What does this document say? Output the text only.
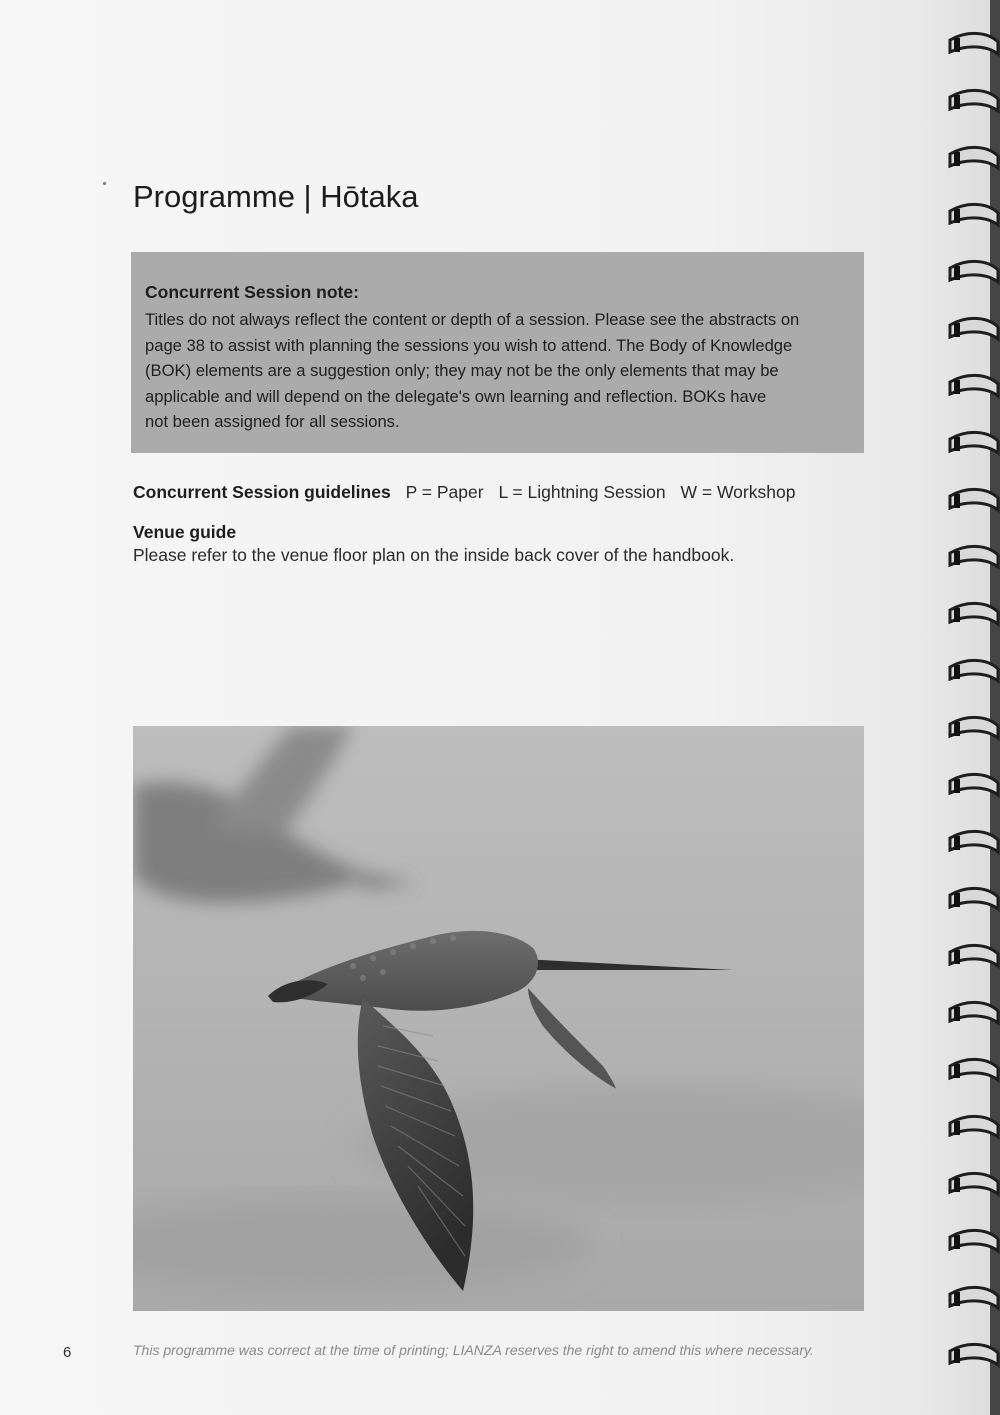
Programme | Hōtaka
Concurrent Session note:
Titles do not always reflect the content or depth of a session. Please see the abstracts on
page 38 to assist with planning the sessions you wish to attend. The Body of Knowledge
(BOK) elements are a suggestion only; they may not be the only elements that may be
applicable and will depend on the delegate's own learning and reflection. BOKs have
not been assigned for all sessions.
Concurrent Session guidelines P = Paper L = Lightning Session W = Workshop
Venue guide
Please refer to the venue floor plan on the inside back cover of the handbook.
6	This programme was correct at the time of printing; LIANZA reserves the right to amend this where necessary.
